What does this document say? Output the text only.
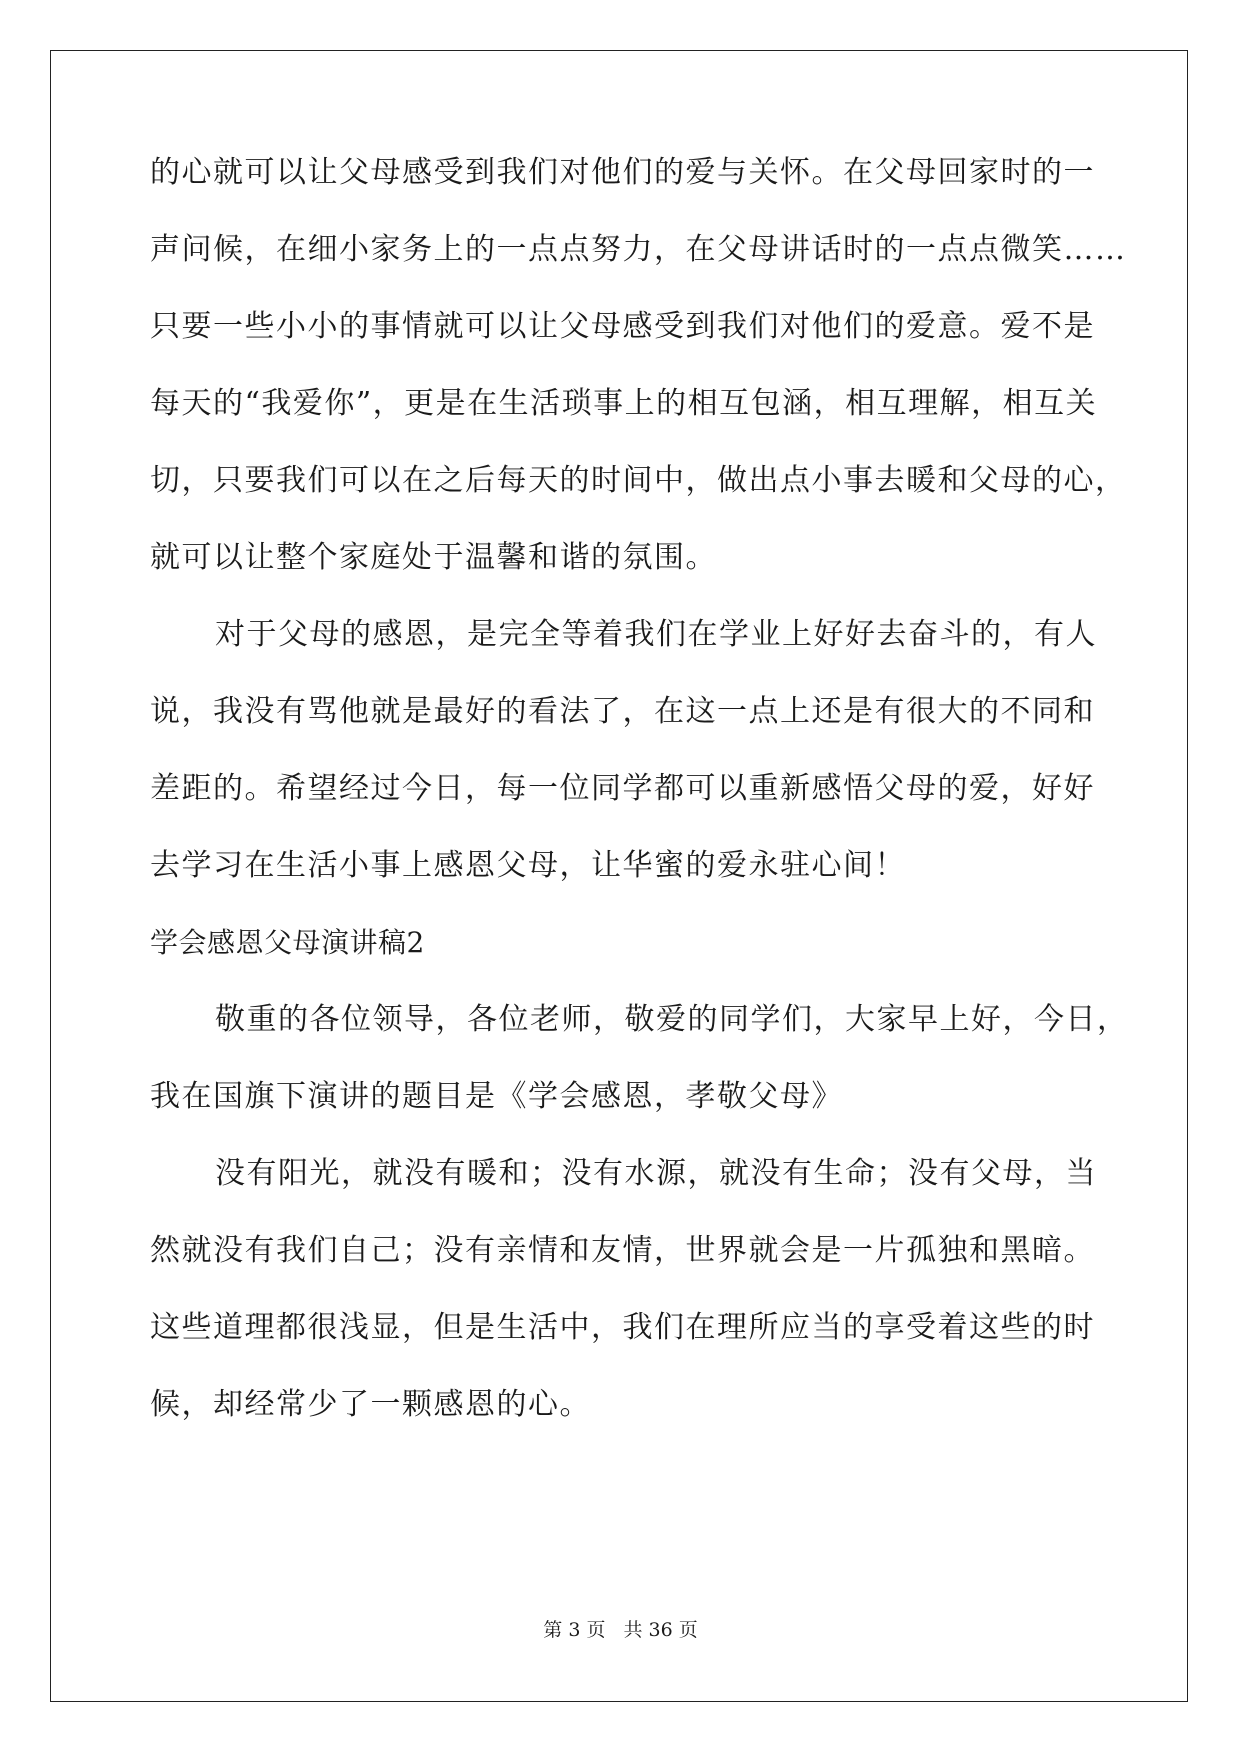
的心就可以让父母感受到我们对他们的爱与关怀。在父母回家时的一
声问候，在细小家务上的一点点努力，在父母讲话时的一点点微笑……
只要一些小小的事情就可以让父母感受到我们对他们的爱意。爱不是
每天的“我爱你”，更是在生活琐事上的相互包涵，相互理解，相互关
切，只要我们可以在之后每天的时间中，做出点小事去暖和父母的心，
就可以让整个家庭处于温馨和谐的氛围。
对于父母的感恩，是完全等着我们在学业上好好去奋斗的，有人
说，我没有骂他就是最好的看法了，在这一点上还是有很大的不同和
差距的。希望经过今日，每一位同学都可以重新感悟父母的爱，好好
去学习在生活小事上感恩父母，让华蜜的爱永驻心间！
学会感恩父母演讲稿2
敬重的各位领导，各位老师，敬爱的同学们，大家早上好，今日，
我在国旗下演讲的题目是《学会感恩，孝敬父母》
没有阳光，就没有暖和；没有水源，就没有生命；没有父母，当
然就没有我们自己；没有亲情和友情，世界就会是一片孤独和黑暗。
这些道理都很浅显，但是生活中，我们在理所应当的享受着这些的时
候，却经常少了一颗感恩的心。
第 3 页 共 36 页
